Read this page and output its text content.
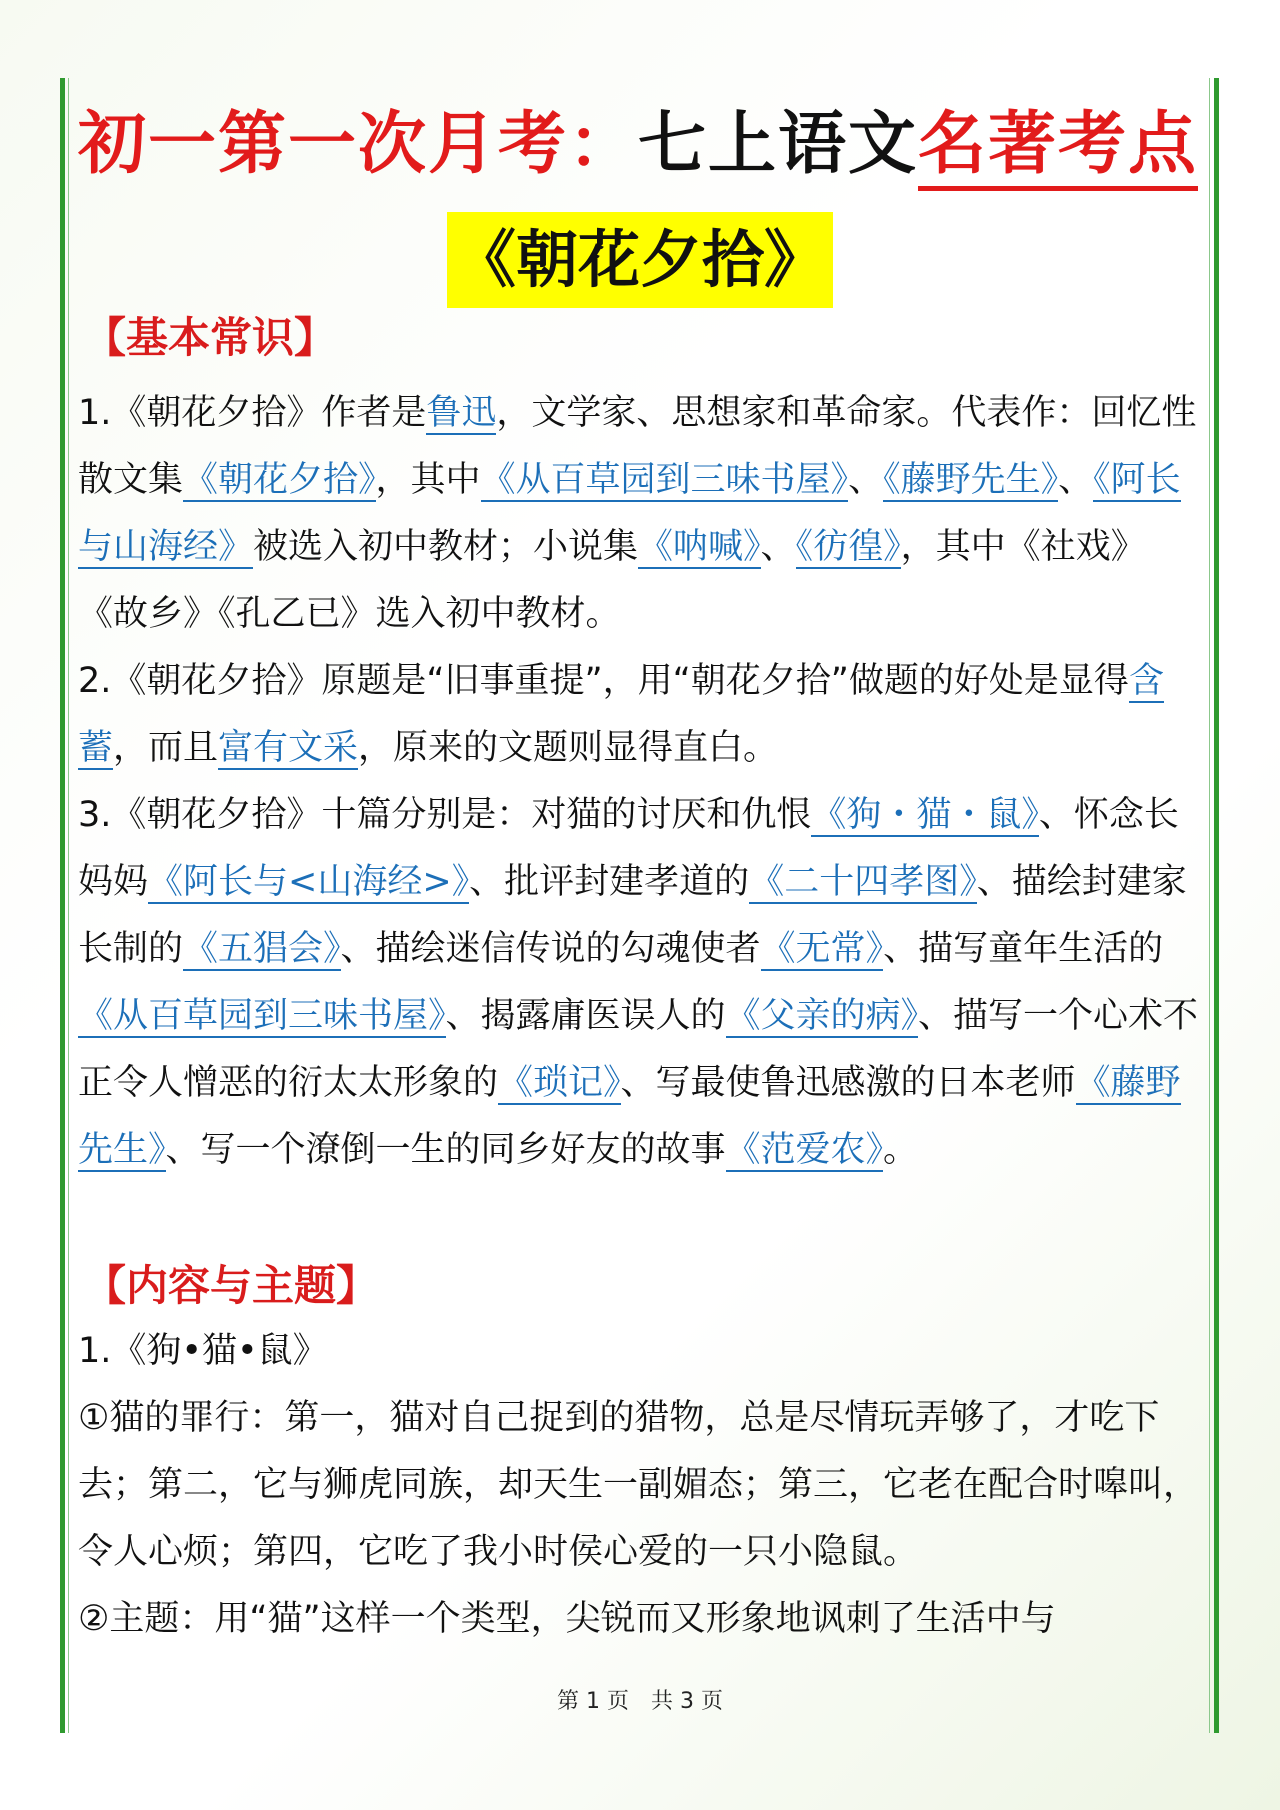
初一第一次月考：七上语文名著考点
《朝花夕拾》
【基本常识】

1.《朝花夕拾》作者是鲁迅，文学家、思想家和革命家。代表作：回忆性散文集《朝花夕拾》，其中《从百草园到三味书屋》、《藤野先生》、《阿长与山海经》被选入初中教材；小说集《呐喊》、《彷徨》，其中《社戏》　《故乡》《孔乙已》选入初中教材。

2.《朝花夕拾》原题是“旧事重提”，用“朝花夕拾”做题的好处是显得含蓄，而且富有文采，原来的文题则显得直白。

3.《朝花夕拾》十篇分别是：对猫的讨厌和仇恨《狗・猫・鼠》、怀念长妈妈《阿长与<山海经>》、批评封建孝道的《二十四孝图》、描绘封建家长制的《五猖会》、描绘迷信传说的勾魂使者《无常》、描写童年生活的《从百草园到三味书屋》、揭露庸医误人的《父亲的病》、描写一个心术不正令人憎恶的衍太太形象的《琐记》、写最使鲁迅感激的日本老师《藤野先生》、写一个潦倒一生的同乡好友的故事《范爱农》。

【内容与主题】

1.《狗•猫•鼠》

①猫的罪行：第一，猫对自己捉到的猎物，总是尽情玩弄够了，才吃下去；第二，它与狮虎同族，却天生一副媚态；第三，它老在配合时嗥叫，令人心烦；第四，它吃了我小时侯心爱的一只小隐鼠。

②主题：用“猫”这样一个类型，尖锐而又形象地讽刺了生活中与

第 1 页　共 3 页
